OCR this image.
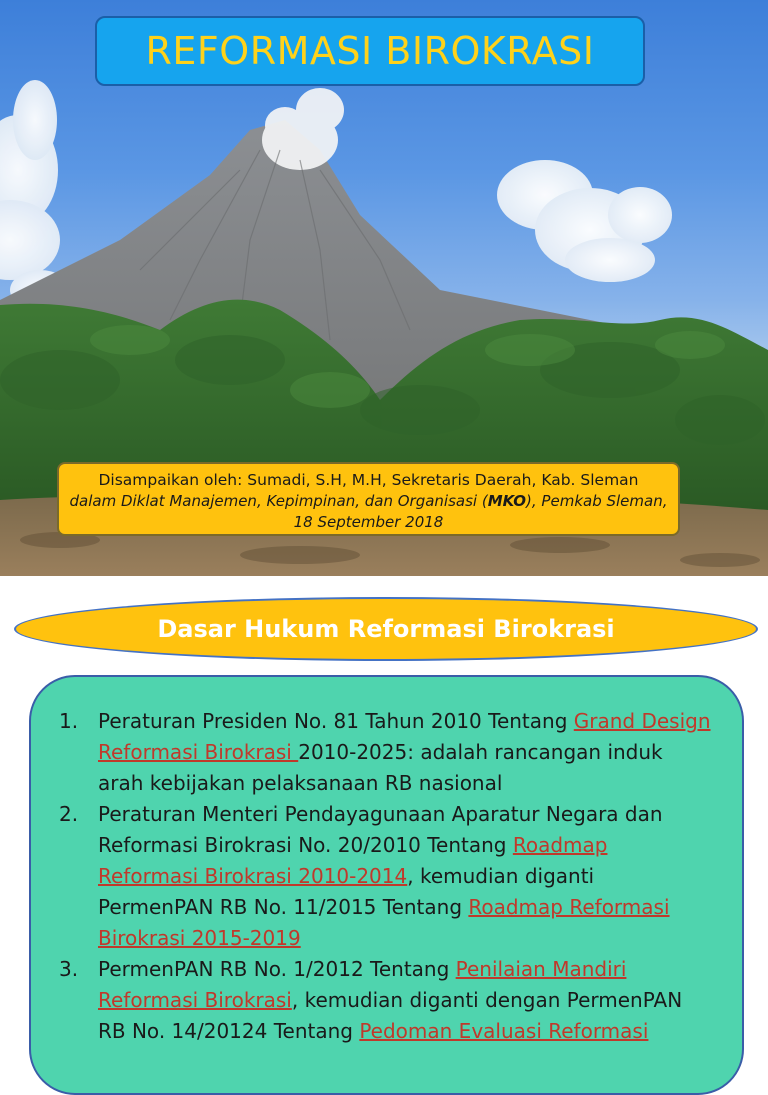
REFORMASI BIROKRASI
Disampaikan oleh: Sumadi, S.H, M.H, Sekretaris Daerah, Kab. Sleman
dalam Diklat Manajemen, Kepimpinan, dan Organisasi (MKO), Pemkab Sleman, 18 September 2018
Dasar Hukum Reformasi Birokrasi
1. Peraturan Presiden No. 81 Tahun 2010 Tentang Grand Design Reformasi Birokrasi 2010-2025: adalah rancangan induk arah kebijakan pelaksanaan RB nasional
2. Peraturan Menteri Pendayagunaan Aparatur Negara dan Reformasi Birokrasi No. 20/2010 Tentang Roadmap Reformasi Birokrasi 2010-2014, kemudian diganti PermenPAN RB No. 11/2015 Tentang Roadmap Reformasi Birokrasi 2015-2019
3. PermenPAN RB No. 1/2012 Tentang Penilaian Mandiri Reformasi Birokrasi, kemudian diganti dengan PermenPAN RB No. 14/20124 Tentang Pedoman Evaluasi Reformasi
